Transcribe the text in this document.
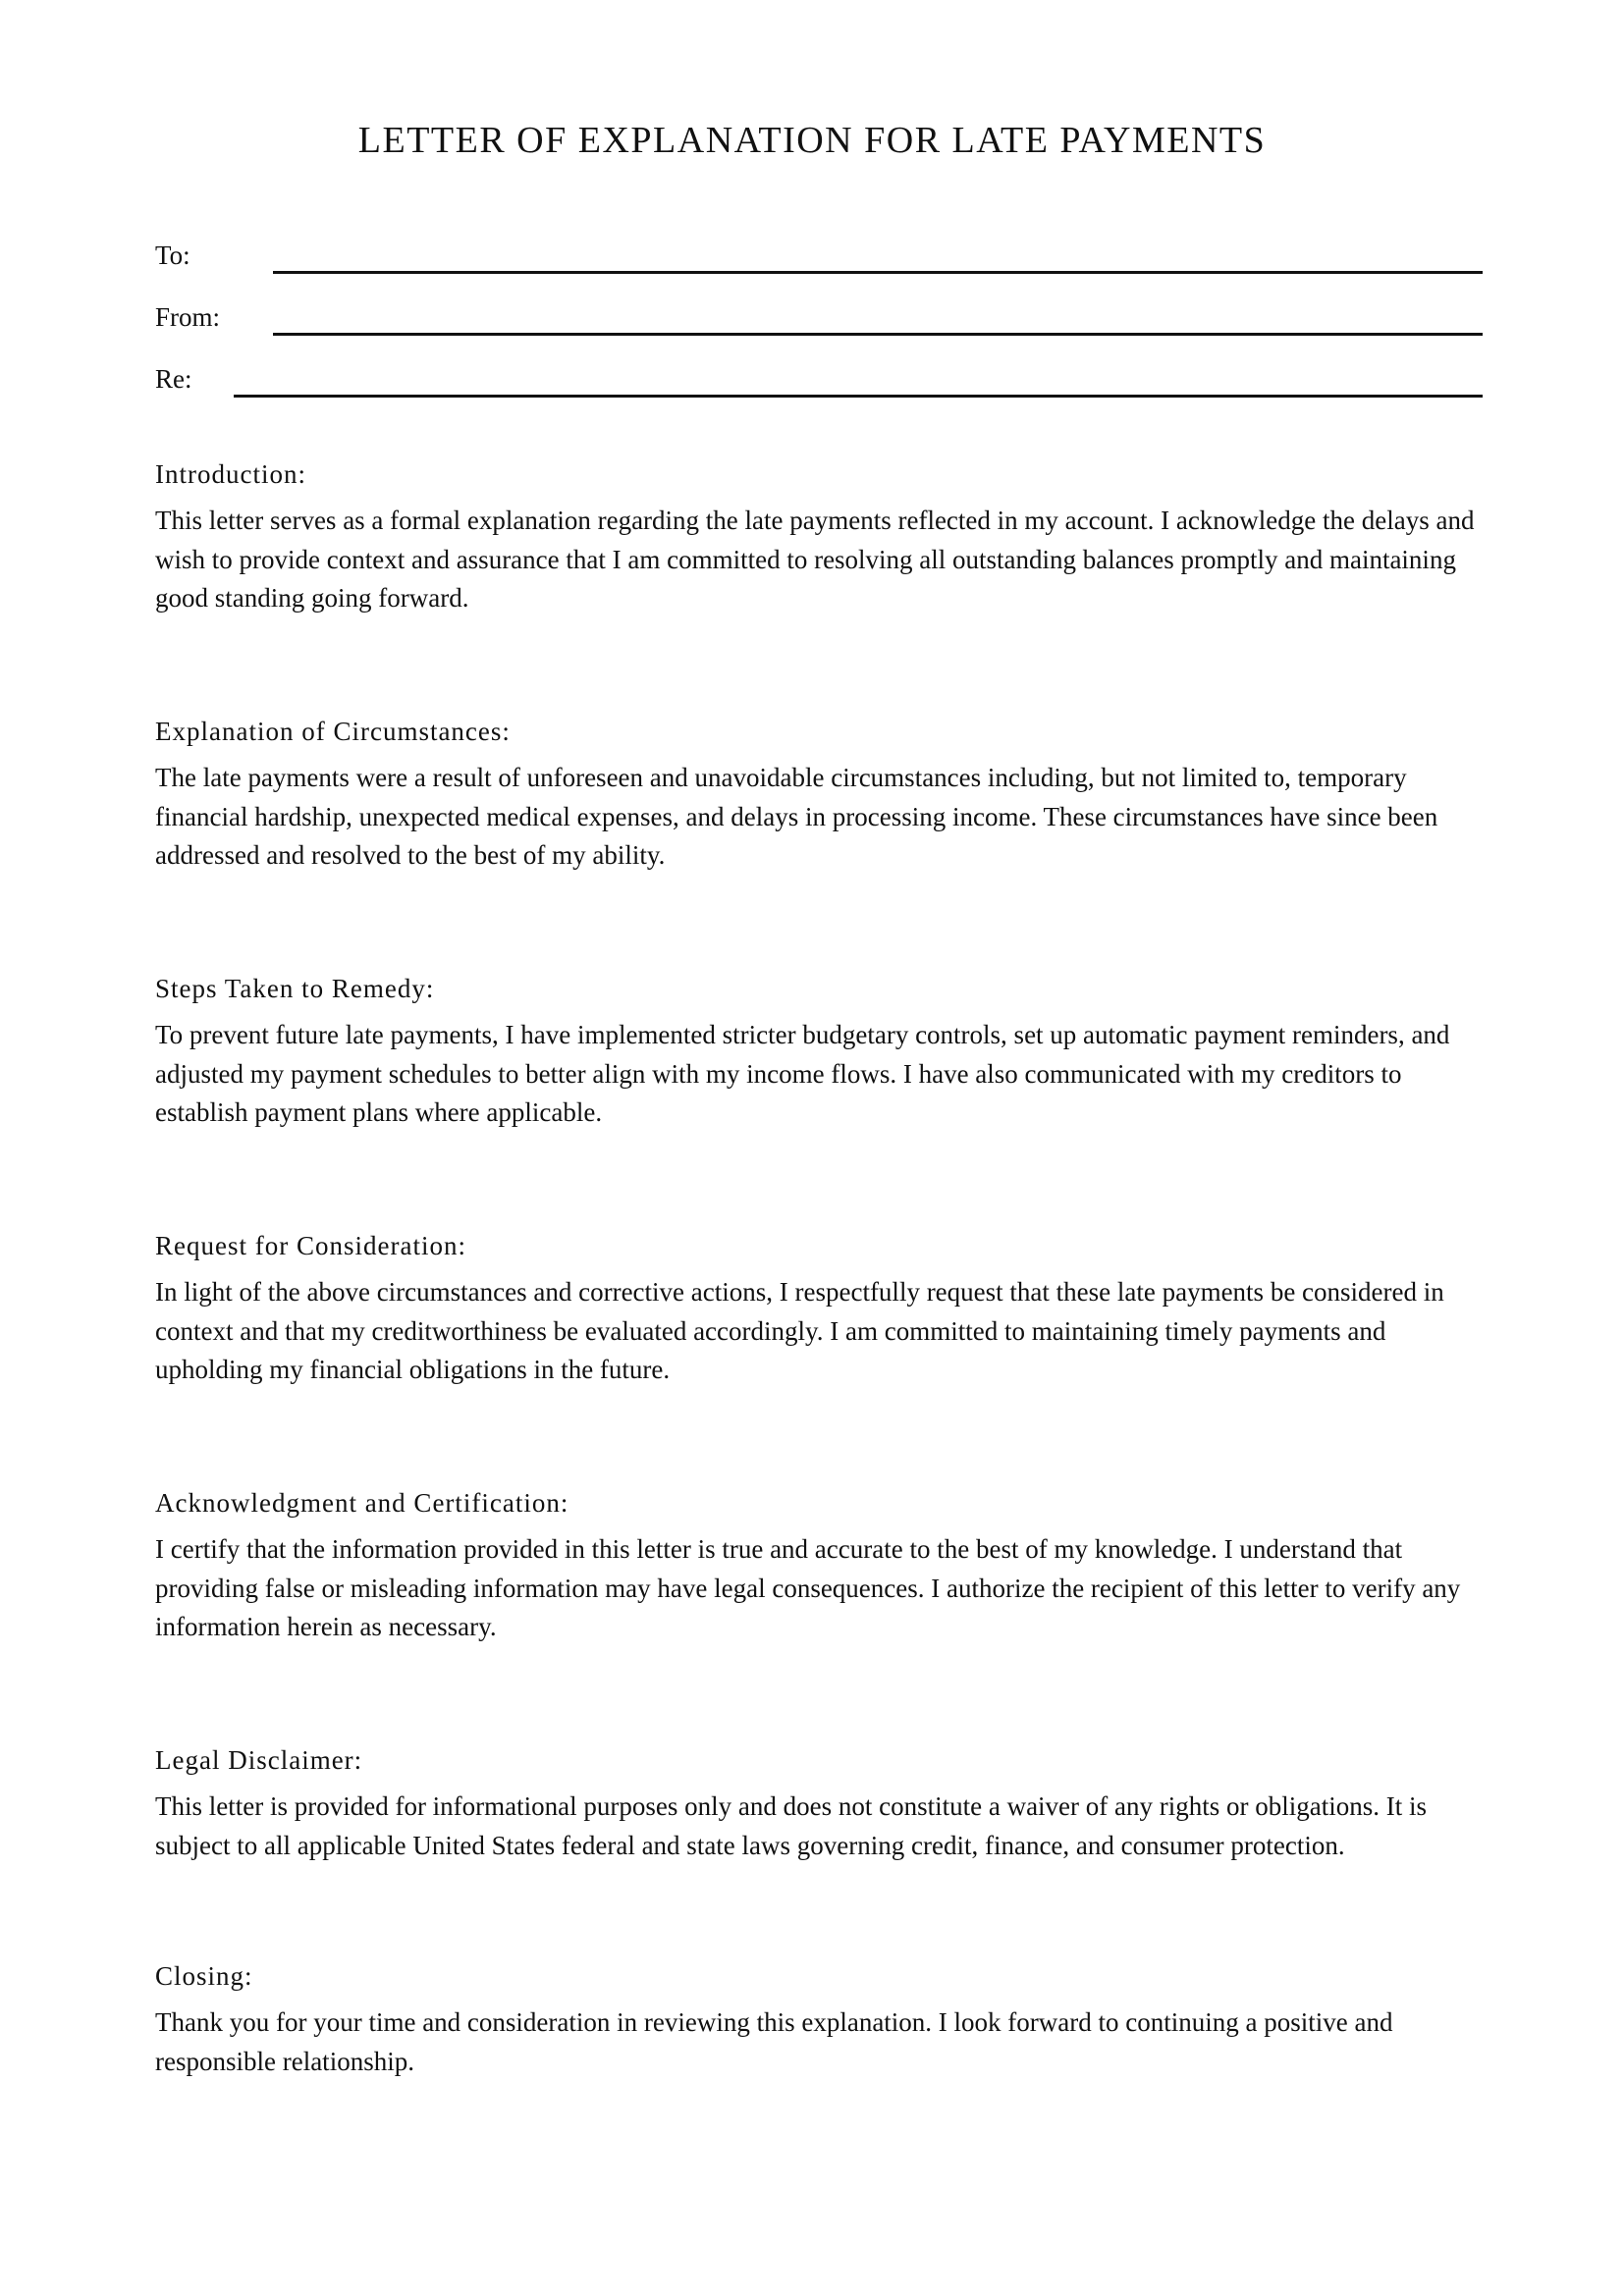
LETTER OF EXPLANATION FOR LATE PAYMENTS
To:
From:
Re:
Introduction:

This letter serves as a formal explanation regarding the late payments reflected in my account. I acknowledge the delays and wish to provide context and assurance that I am committed to resolving all outstanding balances promptly and maintaining good standing going forward.

Explanation of Circumstances:

The late payments were a result of unforeseen and unavoidable circumstances including, but not limited to, temporary financial hardship, unexpected medical expenses, and delays in processing income. These circumstances have since been addressed and resolved to the best of my ability.

Steps Taken to Remedy:

To prevent future late payments, I have implemented stricter budgetary controls, set up automatic payment reminders, and adjusted my payment schedules to better align with my income flows. I have also communicated with my creditors to establish payment plans where applicable.

Request for Consideration:

In light of the above circumstances and corrective actions, I respectfully request that these late payments be considered in context and that my creditworthiness be evaluated accordingly. I am committed to maintaining timely payments and upholding my financial obligations in the future.

Acknowledgment and Certification:

I certify that the information provided in this letter is true and accurate to the best of my knowledge. I understand that providing false or misleading information may have legal consequences. I authorize the recipient of this letter to verify any information herein as necessary.

Legal Disclaimer:

This letter is provided for informational purposes only and does not constitute a waiver of any rights or obligations. It is subject to all applicable United States federal and state laws governing credit, finance, and consumer protection.

Closing:

Thank you for your time and consideration in reviewing this explanation. I look forward to continuing a positive and responsible relationship.
